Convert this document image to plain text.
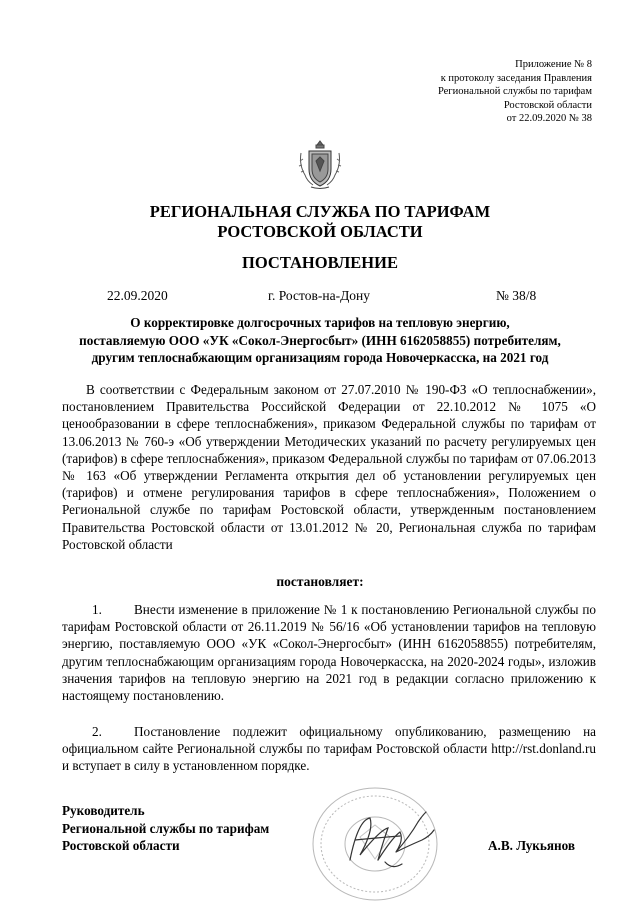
Приложение № 8
к протоколу заседания Правления
Региональной службы по тарифам
Ростовской области
от 22.09.2020 № 38
РЕГИОНАЛЬНАЯ СЛУЖБА ПО ТАРИФАМ
РОСТОВСКОЙ ОБЛАСТИ
ПОСТАНОВЛЕНИЕ
22.09.2020	г. Ростов-на-Дону	№ 38/8
О корректировке долгосрочных тарифов на тепловую энергию,
поставляемую ООО «УК «Сокол-Энергосбыт» (ИНН 6162058855) потребителям,
другим теплоснабжающим организациям города Новочеркасска, на 2021 год
В соответствии с Федеральным законом от 27.07.2010 № 190-ФЗ «О теплоснабжении», постановлением Правительства Российской Федерации от 22.10.2012 № 1075 «О ценообразовании в сфере теплоснабжения», приказом Федеральной службы по тарифам от 13.06.2013 № 760-э «Об утверждении Методических указаний по расчету регулируемых цен (тарифов) в сфере теплоснабжения», приказом Федеральной службы по тарифам от 07.06.2013 № 163 «Об утверждении Регламента открытия дел об установлении регулируемых цен (тарифов) и отмене регулирования тарифов в сфере теплоснабжения», Положением о Региональной службе по тарифам Ростовской области, утвержденным постановлением Правительства Ростовской области от 13.01.2012 № 20, Региональная служба по тарифам Ростовской области
постановляет:
1. Внести изменение в приложение № 1 к постановлению Региональной службы по тарифам Ростовской области от 26.11.2019 № 56/16 «Об установлении тарифов на тепловую энергию, поставляемую ООО «УК «Сокол-Энергосбыт» (ИНН 6162058855) потребителям, другим теплоснабжающим организациям города Новочеркасска, на 2020-2024 годы», изложив значения тарифов на тепловую энергию на 2021 год в редакции согласно приложению к настоящему постановлению.
2. Постановление подлежит официальному опубликованию, размещению на официальном сайте Региональной службы по тарифам Ростовской области http://rst.donland.ru и вступает в силу в установленном порядке.
Руководитель
Региональной службы по тарифам
Ростовской области	А.В. Лукьянов
